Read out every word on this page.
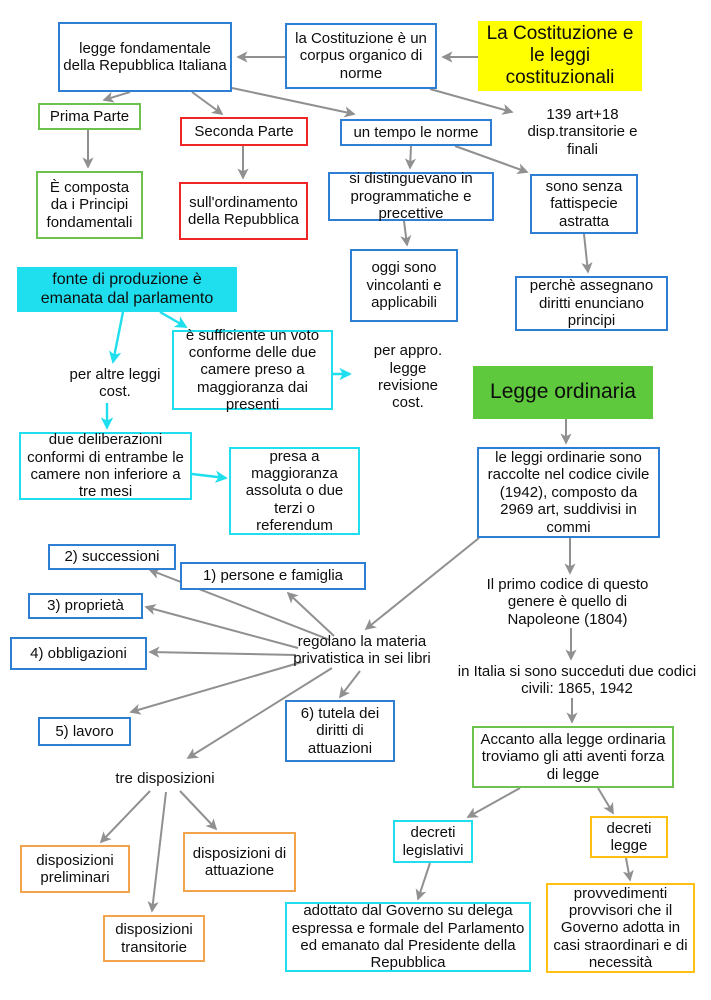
La Costituzione e le leggi costituzionali
legge fondamentale della Repubblica Italiana
la Costituzione è un corpus organico di norme
Prima Parte
Seconda Parte	un tempo le norme
139 art+18 disp.transitorie e finali
È composta da i Principi fondamentali
sull'ordinamento della Repubblica
si distinguevano in programmatiche e precettive
sono senza fattispecie astratta
oggi sono vincolanti e applicabili
perchè assegnano diritti enunciano principi
fonte di produzione è emanata dal parlamento
è sufficiente un voto conforme delle due camere preso a maggioranza dai presenti
per altre leggi cost.
per appro. legge revisione cost.	Legge ordinaria
due deliberazioni conformi di entrambe le camere non inferiore a tre mesi
presa a maggioranza assoluta o due terzi o referendum
le leggi ordinarie sono raccolte nel codice civile (1942), composto da 2969 art, suddivisi in commi
2) successioni
1) persone e famiglia
3) proprietà
Il primo codice di questo genere è quello di Napoleone (1804)
4) obbligazioni
regolano la materia privatistica in sei libri
in Italia si sono succeduti due codici civili: 1865, 1942
5) lavoro
6) tutela dei diritti di attuazioni
Accanto alla legge ordinaria troviamo gli atti aventi forza di legge
tre disposizioni
decreti legislativi
decreti legge
disposizioni preliminari
disposizioni di attuazione
adottato dal Governo su delega espressa e formale del Parlamento ed emanato dal Presidente della Repubblica
provvedimenti provvisori che il Governo adotta in casi straordinari e di necessità
disposizioni transitorie
